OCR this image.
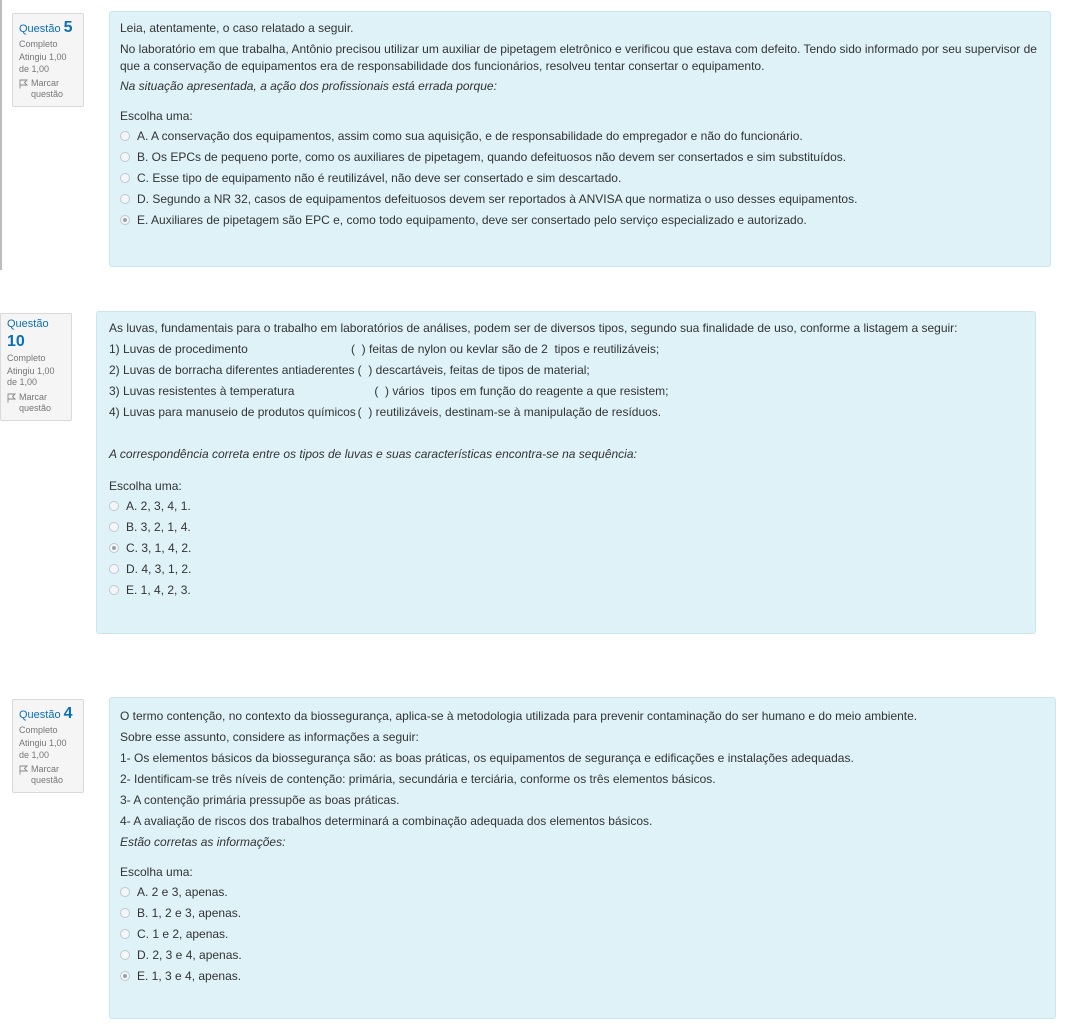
Questão 5
Completo
Atingiu 1,00 de 1,00
Marcar questão

Leia, atentamente, o caso relatado a seguir.

No laboratório em que trabalha, Antônio precisou utilizar um auxiliar de pipetagem eletrônico e verificou que estava com defeito. Tendo sido informado por seu supervisor de que a conservação de equipamentos era de responsabilidade dos funcionários, resolveu tentar consertar o equipamento.

Na situação apresentada, a ação dos profissionais está errada porque:

Escolha uma:
A. A conservação dos equipamentos, assim como sua aquisição, e de responsabilidade do empregador e não do funcionário.
B. Os EPCs de pequeno porte, como os auxiliares de pipetagem, quando defeituosos não devem ser consertados e sim substituídos.
C. Esse tipo de equipamento não é reutilizável, não deve ser consertado e sim descartado.
D. Segundo a NR 32, casos de equipamentos defeituosos devem ser reportados à ANVISA que normatiza o uso desses equipamentos.
E. Auxiliares de pipetagem são EPC e, como todo equipamento, deve ser consertado pelo serviço especializado e autorizado.
Questão 10
Completo
Atingiu 1,00 de 1,00
Marcar questão

As luvas, fundamentais para o trabalho em laboratórios de análises, podem ser de diversos tipos, segundo sua finalidade de uso, conforme a listagem a seguir:

1) Luvas de procedimento	(  ) feitas de nylon ou kevlar são de 2  tipos e reutilizáveis;
2) Luvas de borracha diferentes antiaderentes
(  ) descartáveis, feitas de tipos de material;
3) Luvas resistentes à temperatura	(  ) vários  tipos em função do reagente a que resistem;
4) Luvas para manuseio de produtos químicos
(  ) reutilizáveis, destinam-se à manipulação de resíduos.

A correspondência correta entre os tipos de luvas e suas características encontra-se na sequência:

Escolha uma:
A. 2, 3, 4, 1.
B. 3, 2, 1, 4.
C. 3, 1, 4, 2.
D. 4, 3, 1, 2.
E. 1, 4, 2, 3.
Questão 4
Completo
Atingiu 1,00 de 1,00
Marcar questão

O termo contenção, no contexto da biossegurança, aplica-se à metodologia utilizada para prevenir contaminação do ser humano e do meio ambiente.

Sobre esse assunto, considere as informações a seguir:

1- Os elementos básicos da biossegurança são: as boas práticas, os equipamentos de segurança e edificações e instalações adequadas.

2- Identificam-se três níveis de contenção: primária, secundária e terciária, conforme os três elementos básicos.

3- A contenção primária pressupõe as boas práticas.

4- A avaliação de riscos dos trabalhos determinará a combinação adequada dos elementos básicos.

Estão corretas as informações:

Escolha uma:
A. 2 e 3, apenas.
B. 1, 2 e 3, apenas.
C. 1 e 2, apenas.
D. 2, 3 e 4, apenas.
E. 1, 3 e 4, apenas.
